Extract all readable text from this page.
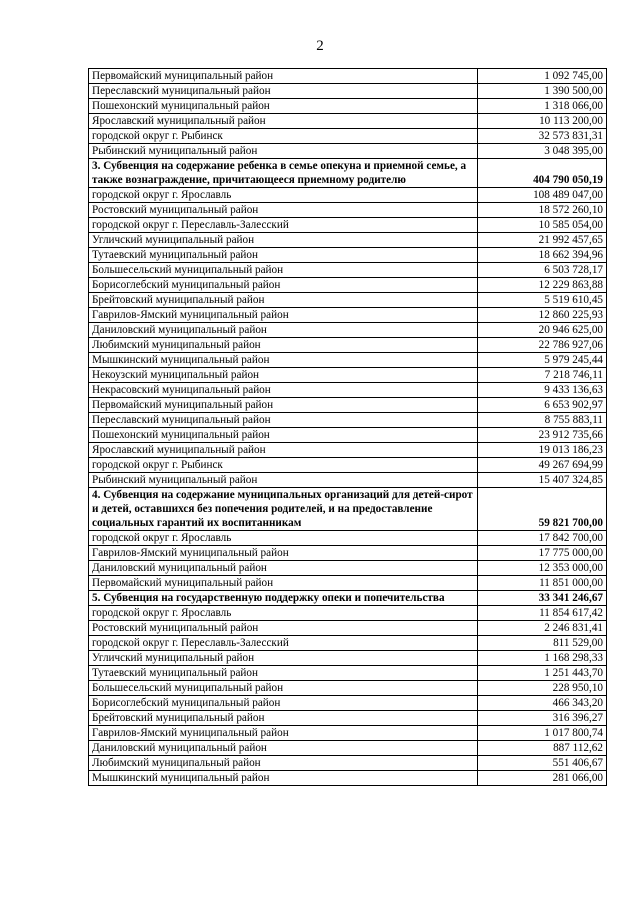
2
Первомайский муниципальный район	1 092 745,00
Переславский муниципальный район	1 390 500,00
Пошехонский муниципальный район	1 318 066,00
Ярославский муниципальный район	10 113 200,00
городской округ г. Рыбинск	32 573 831,31
Рыбинский муниципальный район	3 048 395,00
3. Субвенция на содержание ребенка в семье опекуна и приемной семье, а также вознаграждение, причитающееся приемному родителю	404 790 050,19
городской округ г. Ярославль	108 489 047,00
Ростовский муниципальный район	18 572 260,10
городской округ г. Переславль-Залесский	10 585 054,00
Угличский муниципальный район	21 992 457,65
Тутаевский муниципальный район	18 662 394,96
Большесельский муниципальный район	6 503 728,17
Борисоглебский муниципальный район	12 229 863,88
Брейтовский муниципальный район	5 519 610,45
Гаврилов-Ямский муниципальный район	12 860 225,93
Даниловский муниципальный район	20 946 625,00
Любимский муниципальный район	22 786 927,06
Мышкинский муниципальный район	5 979 245,44
Некоузский муниципальный район	7 218 746,11
Некрасовский муниципальный район	9 433 136,63
Первомайский муниципальный район	6 653 902,97
Переславский муниципальный район	8 755 883,11
Пошехонский муниципальный район	23 912 735,66
Ярославский муниципальный район	19 013 186,23
городской округ г. Рыбинск	49 267 694,99
Рыбинский муниципальный район	15 407 324,85
4. Субвенция на содержание муниципальных организаций для детей-сирот и детей, оставшихся без попечения родителей, и на предоставление социальных гарантий их воспитанникам	59 821 700,00
городской округ г. Ярославль	17 842 700,00
Гаврилов-Ямский муниципальный район	17 775 000,00
Даниловский муниципальный район	12 353 000,00
Первомайский муниципальный район	11 851 000,00
5. Субвенция на государственную поддержку опеки и попечительства	33 341 246,67
городской округ г. Ярославль	11 854 617,42
Ростовский муниципальный район	2 246 831,41
городской округ г. Переславль-Залесский	811 529,00
Угличский муниципальный район	1 168 298,33
Тутаевский муниципальный район	1 251 443,70
Большесельский муниципальный район	228 950,10
Борисоглебский муниципальный район	466 343,20
Брейтовский муниципальный район	316 396,27
Гаврилов-Ямский муниципальный район	1 017 800,74
Даниловский муниципальный район	887 112,62
Любимский муниципальный район	551 406,67
Мышкинский муниципальный район	281 066,00
